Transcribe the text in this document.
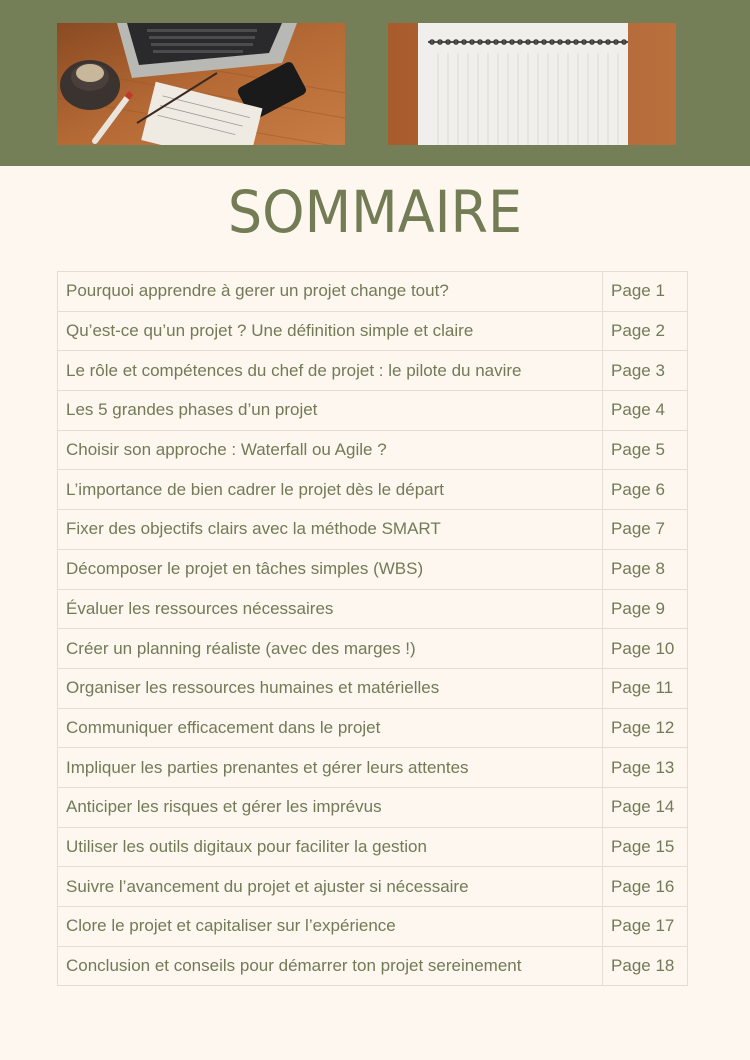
SOMMAIRE
Pourquoi apprendre à gerer un projet change tout?	Page 1
Qu’est-ce qu’un projet ? Une définition simple et claire	Page 2
Le rôle et compétences du chef de projet : le pilote du navire	Page 3
Les 5 grandes phases d’un projet	Page 4
Choisir son approche : Waterfall ou Agile ?	Page 5
L’importance de bien cadrer le projet dès le départ	Page 6
Fixer des objectifs clairs avec la méthode SMART	Page 7
Décomposer le projet en tâches simples (WBS)	Page 8
Évaluer les ressources nécessaires	Page 9
Créer un planning réaliste (avec des marges !)	Page 10
Organiser les ressources humaines et matérielles	Page 11
Communiquer efficacement dans le projet	Page 12
Impliquer les parties prenantes et gérer leurs attentes	Page 13
Anticiper les risques et gérer les imprévus	Page 14
Utiliser les outils digitaux pour faciliter la gestion	Page 15
Suivre l’avancement du projet et ajuster si nécessaire	Page 16
Clore le projet et capitaliser sur l’expérience	Page 17
Conclusion et conseils pour démarrer ton projet sereinement	Page 18
